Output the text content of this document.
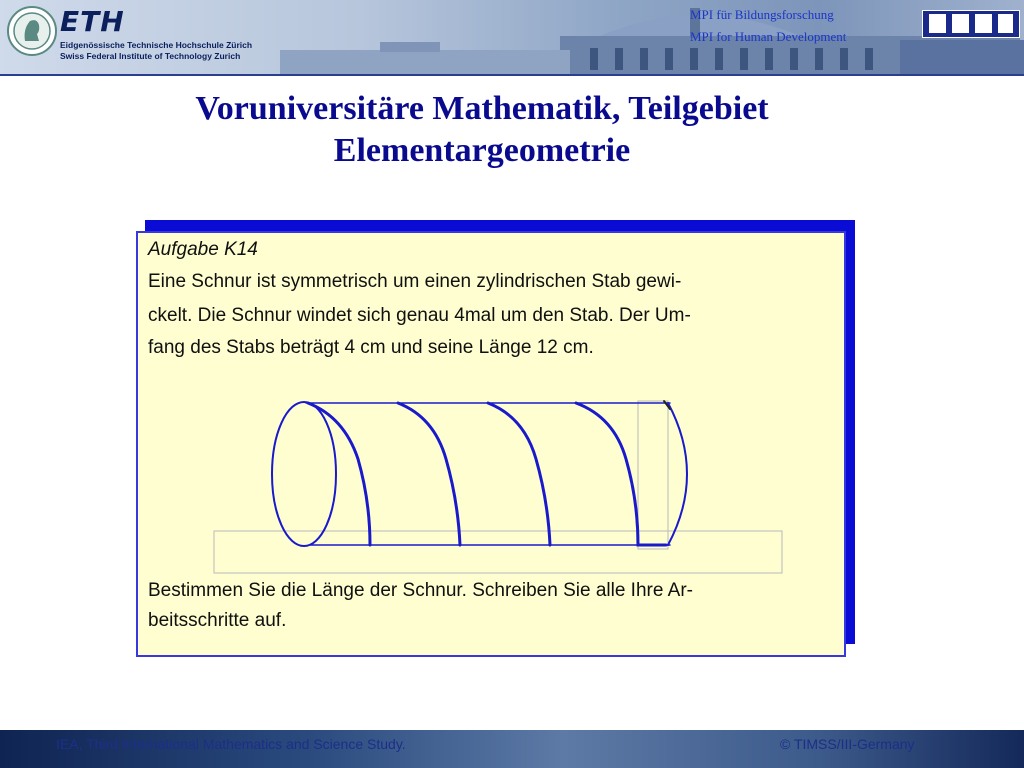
ETH
Eidgenössische Technische Hochschule Zürich
Swiss Federal Institute of Technology Zurich
MPI für Bildungsforschung
MPI for Human Development
Voruniversitäre Mathematik, Teilgebiet
Elementargeometrie
Aufgabe K14
Eine Schnur ist symmetrisch um einen zylindrischen Stab gewi-
ckelt. Die Schnur windet sich genau 4mal um den Stab. Der Um-
fang des Stabs beträgt 4 cm und seine Länge 12 cm.
Bestimmen Sie die Länge der Schnur. Schreiben Sie alle Ihre Ar-
beitsschritte auf.
IEA, Third International Mathematics and Science Study.	© TIMSS/III-Germany
